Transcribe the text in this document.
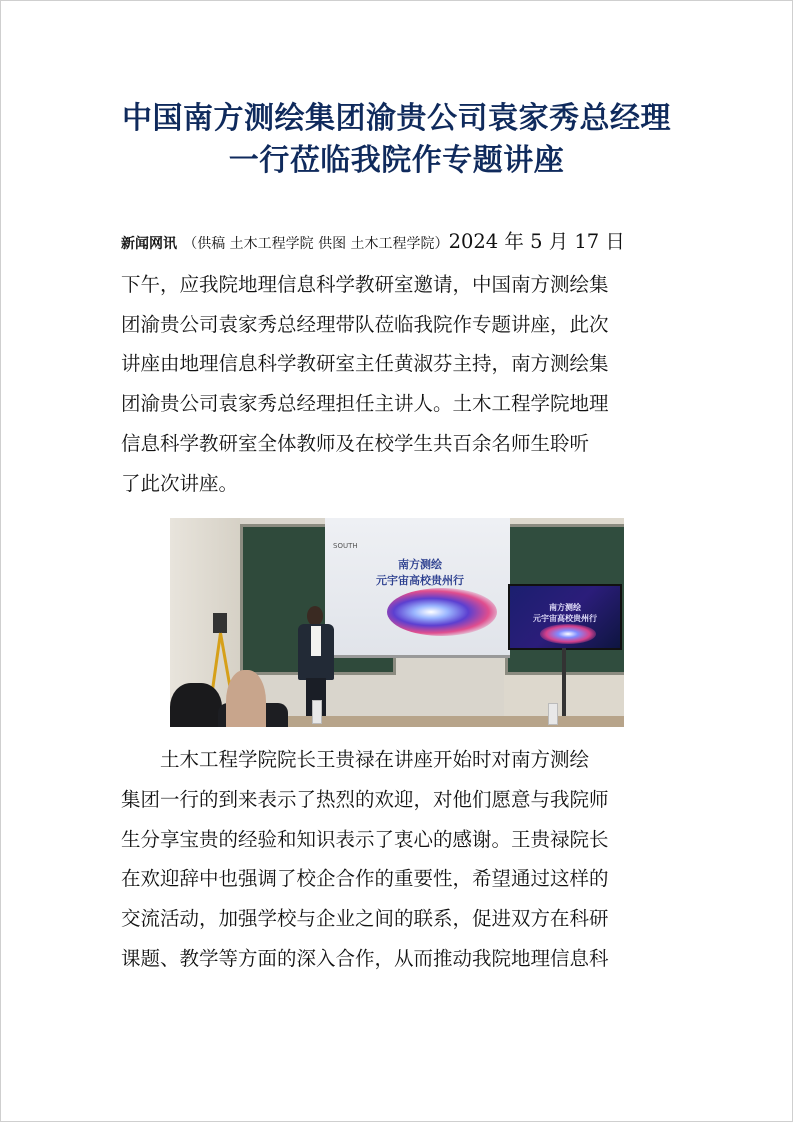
中国南方测绘集团渝贵公司袁家秀总经理
一行莅临我院作专题讲座
新闻网讯 （供稿 土木工程学院 供图 土木工程学院）2024 年 5 月 17 日
下午，应我院地理信息科学教研室邀请，中国南方测绘集
团渝贵公司袁家秀总经理带队莅临我院作专题讲座，此次
讲座由地理信息科学教研室主任黄淑芬主持，南方测绘集
团渝贵公司袁家秀总经理担任主讲人。土木工程学院地理
信息科学教研室全体教师及在校学生共百余名师生聆听
了此次讲座。
SOUTH
南方测绘
元宇宙高校贵州行
南方测绘
元宇宙高校贵州行
　　土木工程学院院长王贵禄在讲座开始时对南方测绘
集团一行的到来表示了热烈的欢迎，对他们愿意与我院师
生分享宝贵的经验和知识表示了衷心的感谢。王贵禄院长
在欢迎辞中也强调了校企合作的重要性，希望通过这样的
交流活动，加强学校与企业之间的联系，促进双方在科研
课题、教学等方面的深入合作，从而推动我院地理信息科
